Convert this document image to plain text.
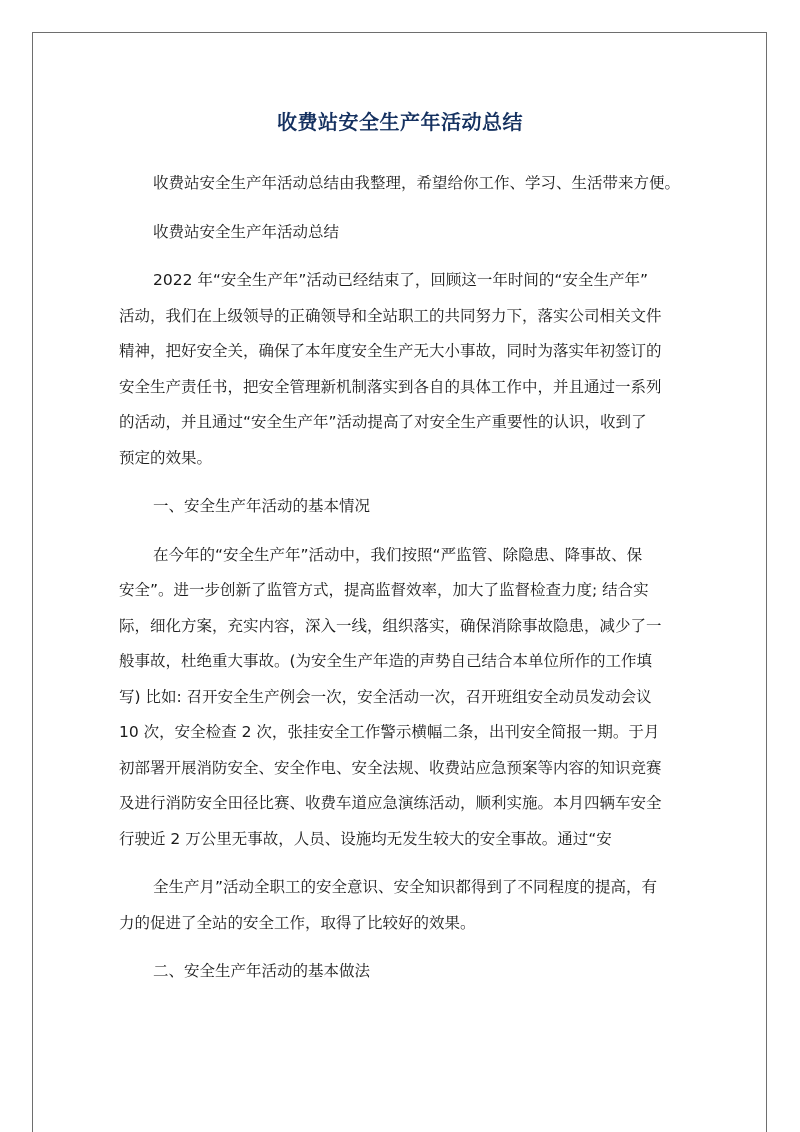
收费站安全生产年活动总结
收费站安全生产年活动总结由我整理，希望给你工作、学习、生活带来方便。
收费站安全生产年活动总结
2022 年“安全生产年”活动已经结束了，回顾这一年时间的“安全生产年”
活动，我们在上级领导的正确领导和全站职工的共同努力下，落实公司相关文件
精神，把好安全关，确保了本年度安全生产无大小事故，同时为落实年初签订的
安全生产责任书，把安全管理新机制落实到各自的具体工作中，并且通过一系列
的活动，并且通过“安全生产年”活动提高了对安全生产重要性的认识，收到了
预定的效果。
一、安全生产年活动的基本情况
在今年的“安全生产年”活动中，我们按照“严监管、除隐患、降事故、保
安全”。进一步创新了监管方式，提高监督效率，加大了监督检查力度; 结合实
际，细化方案，充实内容，深入一线，组织落实，确保消除事故隐患，减少了一
般事故，杜绝重大事故。(为安全生产年造的声势自己结合本单位所作的工作填
写) 比如: 召开安全生产例会一次，安全活动一次，召开班组安全动员发动会议
10 次，安全检查 2 次，张挂安全工作警示横幅二条，出刊安全简报一期。于月
初部署开展消防安全、安全作电、安全法规、收费站应急预案等内容的知识竞赛
及进行消防安全田径比赛、收费车道应急演练活动，顺利实施。本月四辆车安全
行驶近 2 万公里无事故，人员、设施均无发生较大的安全事故。通过“安
全生产月”活动全职工的安全意识、安全知识都得到了不同程度的提高，有
力的促进了全站的安全工作，取得了比较好的效果。
二、安全生产年活动的基本做法
